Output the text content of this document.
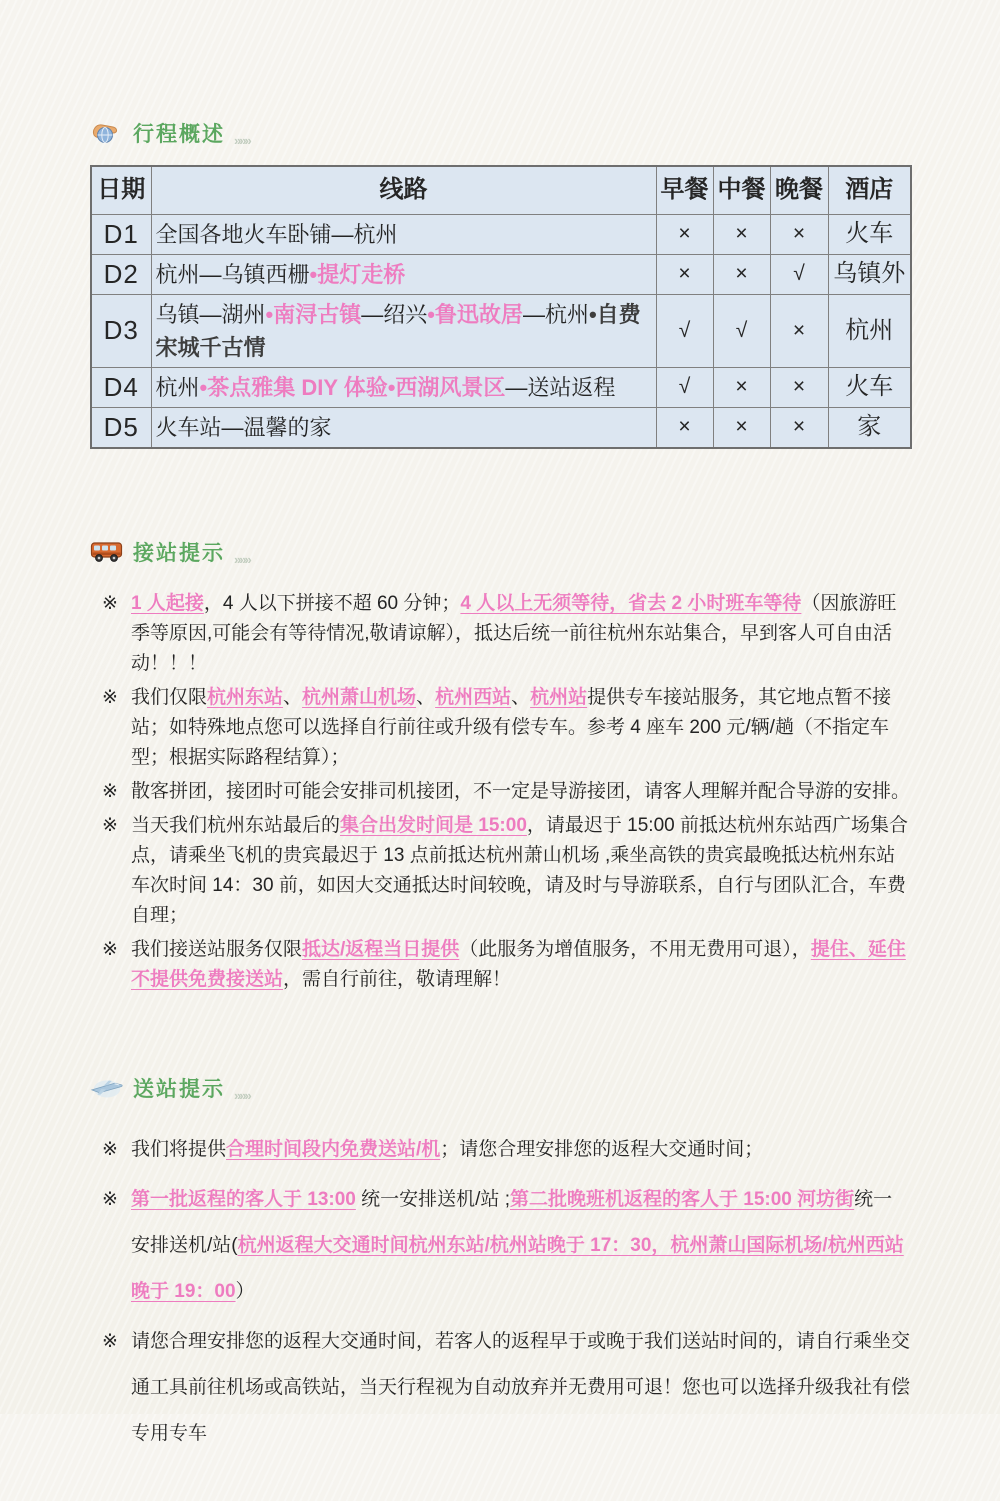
行程概述 »»»
日期	线路	早餐	中餐	晚餐	酒店
D1	全国各地火车卧铺—杭州	×	×	×	火车
D2	杭州—乌镇西栅•提灯走桥	×	×	√	乌镇外
D3	乌镇—湖州•南浔古镇—绍兴•鲁迅故居—杭州•自费宋城千古情	√	√	×	杭州
D4	杭州•茶点雅集 DIY 体验•西湖风景区—送站返程	√	×	×	火车
D5	火车站—温馨的家	×	×	×	家
接站提示 »»»
※ 1 人起接，4 人以下拼接不超 60 分钟；4 人以上无须等待，省去 2 小时班车等待（因旅游旺季等原因,可能会有等待情况,敬请谅解），抵达后统一前往杭州东站集合，早到客人可自由活动！！！
※ 我们仅限杭州东站、杭州萧山机场、杭州西站、杭州站提供专车接站服务，其它地点暂不接站；如特殊地点您可以选择自行前往或升级有偿专车。参考 4 座车 200 元/辆/趟（不指定车型；根据实际路程结算）；
※ 散客拼团，接团时可能会安排司机接团，不一定是导游接团，请客人理解并配合导游的安排。
※ 当天我们杭州东站最后的集合出发时间是 15:00，请最迟于 15:00 前抵达杭州东站西广场集合点，请乘坐飞机的贵宾最迟于 13 点前抵达杭州萧山机场 ,乘坐高铁的贵宾最晚抵达杭州东站车次时间 14：30 前，如因大交通抵达时间较晚，请及时与导游联系，自行与团队汇合，车费自理；
※ 我们接送站服务仅限抵达/返程当日提供（此服务为增值服务，不用无费用可退），提住、延住不提供免费接送站，需自行前往，敬请理解！
送站提示 »»»
※ 我们将提供合理时间段内免费送站/机；请您合理安排您的返程大交通时间；
※ 第一批返程的客人于 13:00 统一安排送机/站 ;第二批晚班机返程的客人于 15:00 河坊街统一安排送机/站(杭州返程大交通时间杭州东站/杭州站晚于 17：30，杭州萧山国际机场/杭州西站晚于 19：00）
※ 请您合理安排您的返程大交通时间，若客人的返程早于或晚于我们送站时间的，请自行乘坐交通工具前往机场或高铁站，当天行程视为自动放弃并无费用可退！您也可以选择升级我社有偿专用专车
